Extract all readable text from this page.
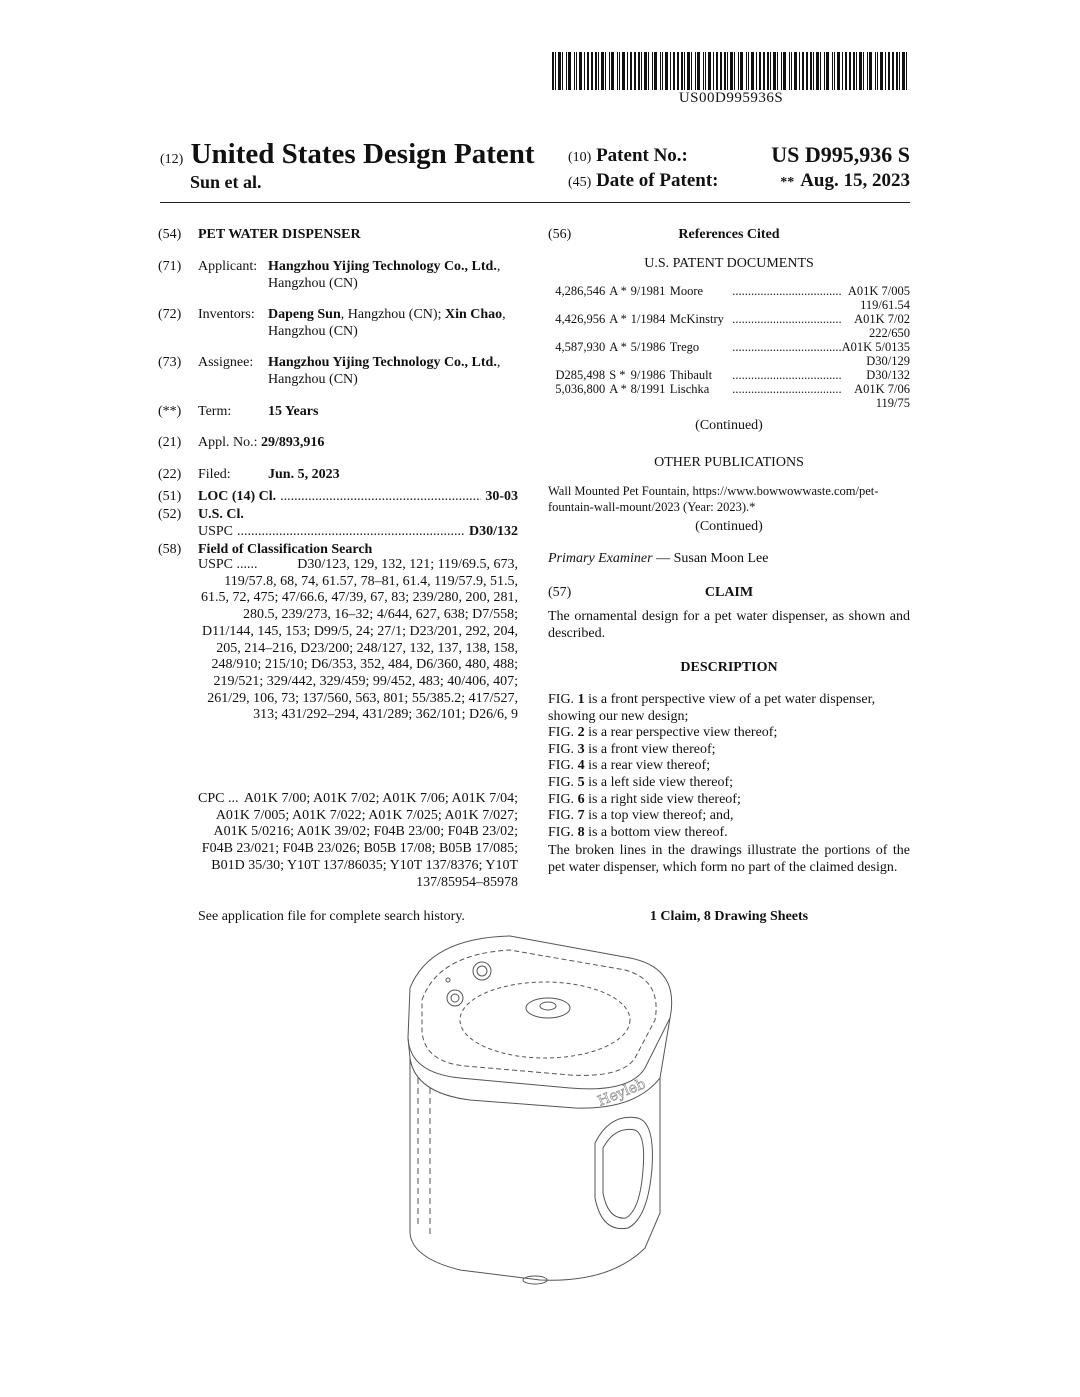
US00D995936S
(12) United States Design Patent
Sun et al.
(10) Patent No.:	US D995,936 S
(45) Date of Patent:	** Aug. 15, 2023
(54) PET WATER DISPENSER
(71) Applicant: Hangzhou Yijing Technology Co., Ltd., Hangzhou (CN)
(72) Inventors: Dapeng Sun, Hangzhou (CN); Xin Chao, Hangzhou (CN)
(73) Assignee: Hangzhou Yijing Technology Co., Ltd., Hangzhou (CN)
(**) Term:	15 Years
(21) Appl. No.: 29/893,916
(22) Filed:	Jun. 5, 2023
(51) LOC (14) Cl. .....	30-03
(52) U.S. Cl.
USPC .....	D30/132
(58) Field of Classification Search
USPC ......	D30/123, 129, 132, 121; 119/69.5, 673, 119/57.8, 68, 74, 61.57, 78–81, 61.4, 119/57.9, 51.5, 61.5, 72, 475; 47/66.6, 47/39, 67, 83; 239/280, 200, 281, 280.5, 239/273, 16–32; 4/644, 627, 638; D7/558; D11/144, 145, 153; D99/5, 24; 27/1; D23/201, 292, 204, 205, 214–216, D23/200; 248/127, 132, 137, 138, 158, 248/910; 215/10; D6/353, 352, 484, D6/360, 480, 488; 219/521; 329/442, 329/459; 99/452, 483; 40/406, 407; 261/29, 106, 73; 137/560, 563, 801; 55/385.2; 417/527, 313; 431/292–294, 431/289; 362/101; D26/6, 9
CPC ... A01K 7/00; A01K 7/02; A01K 7/06; A01K 7/04; A01K 7/005; A01K 7/022; A01K 7/025; A01K 7/027; A01K 5/0216; A01K 39/02; F04B 23/00; F04B 23/02; F04B 23/021; F04B 23/026; B05B 17/08; B05B 17/085; B01D 35/30; Y10T 137/86035; Y10T 137/8376; Y10T 137/85954–85978
See application file for complete search history.
(56)	References Cited
U.S. PATENT DOCUMENTS
4,286,546	A *	9/1981	Moore	.....	A01K 7/005
119/61.54					
4,426,956	A *	1/1984	McKinstry	.....	A01K 7/02
222/650					
4,587,930	A *	5/1986	Trego	.....	A01K 5/0135
D30/129					
D285,498	S *	9/1986	Thibault	.....	D30/132
5,036,800	A *	8/1991	Lischka	.....	A01K 7/06
119/75					
(Continued)
OTHER PUBLICATIONS
Wall Mounted Pet Fountain, https://www.bowwowwaste.com/pet-fountain-wall-mount/2023 (Year: 2023).*
(Continued)
Primary Examiner — Susan Moon Lee
(57)	CLAIM
The ornamental design for a pet water dispenser, as shown and described.
DESCRIPTION
FIG. 1 is a front perspective view of a pet water dispenser, showing our new design;
FIG. 2 is a rear perspective view thereof;
FIG. 3 is a front view thereof;
FIG. 4 is a rear view thereof;
FIG. 5 is a left side view thereof;
FIG. 6 is a right side view thereof;
FIG. 7 is a top view thereof; and,
FIG. 8 is a bottom view thereof.
The broken lines in the drawings illustrate the portions of the pet water dispenser, which form no part of the claimed design.
1 Claim, 8 Drawing Sheets
Heyleb
